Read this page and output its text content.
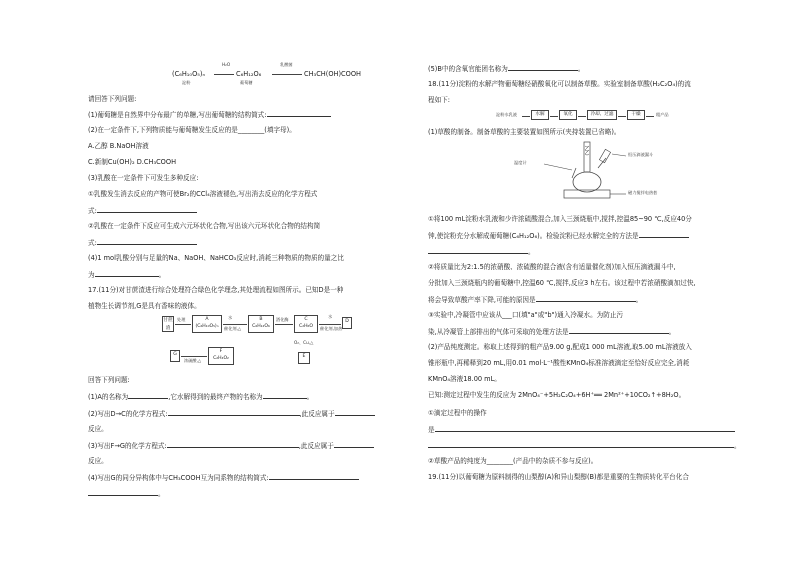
(C₆H₁₀O₅)ₙ
淀粉
H₂O
C₆H₁₂O₆
葡萄糖
乳酸菌
CH₃CH(OH)COOH
请回答下列问题:
(1)葡萄糖是自然界中分布最广的单糖,写出葡萄糖的结构简式:
(2)在一定条件下,下列物质能与葡萄糖发生反应的是________(填字母)。
A.乙醇 B.NaOH溶液
C.新制Cu(OH)₂ D.CH₃COOH
(3)乳酸在一定条件下可发生多种反应:
①乳酸发生消去反应的产物可使Br₂的CCl₄溶液褪色,写出消去反应的化学方程式
式:
②乳酸在一定条件下反应可生成六元环状化合物,写出该六元环状化合物的结构简
式:
(4)1 mol乳酸分别与足量的Na、NaOH、NaHCO₃反应时,消耗三种物质的物质的量之比
为	。
17.(11分)对甘蔗渣进行综合处理符合绿色化学理念,其处理流程如图所示。已知D是一种
植物生长调节剂,G是具有香味的液体。
甘蔗渣
处理	A
(C₆H₁₀O₅)ₙ
水
催化剂,△
B
C₆H₁₂O₆
酒化酶	C
C₂H₆O
水
催化剂,加热
D
G
浓硫酸,△
F
C₂H₄O₂
O₂、Cu,△
E
回答下列问题:
(1)A的名称为	,它水解得到的最终产物的名称为	。
(2)写出D→C的化学方程式:	,此反应属于
反应。
(3)写出F→G的化学方程式:	,此反应属于
反应。
(4)写出G的同分异构体中与CH₃COOH互为同系物的结构简式:
。
(5)B中的含氧官能团名称为	。
18.(11分)淀粉的水解产物葡萄糖经硝酸氧化可以制备草酸。实验室制备草酸(H₂C₂O₄)的流
程如下:
淀粉水乳液	水解	氧化	冷却、过滤	干燥	粗产品
(1)草酸的制备。制备草酸的主要装置如图所示(夹持装置已省略)。
温度计
恒压滴液漏斗
磁力搅拌电热套
①将100 mL淀粉水乳液和少许浓硫酸混合,加入三颈烧瓶中,搅拌,控温85~90 ℃,反应40分
钟,使淀粉充分水解成葡萄糖(C₆H₁₂O₆)。检验淀粉已经水解完全的方法是
。
②将质量比为2:1.5的浓硝酸、浓硫酸的混合液(含有适量催化剂)加入恒压滴液漏斗中,
分批加入三颈烧瓶内的葡萄糖中,控温60 ℃,搅拌,反应3 h左右。该过程中若浓硝酸滴加过快,
将会导致草酸产率下降,可能的原因是	。
③实验中,冷凝管中应该从___口(填"a"或"b")通入冷凝水。为防止污
染,从冷凝管上部排出的气体可采取的处理方法是	。
(2)产品纯度测定。称取上述得到的粗产品9.00 g,配成1 000 mL溶液,取5.00 mL溶液放入
锥形瓶中,再稀释到20 mL,用0.01 mol·L⁻¹酸性KMnO₄标准溶液滴定至恰好反应完全,消耗
KMnO₄溶液18.00 mL。
已知:测定过程中发生的反应为 2MnO₄⁻+5H₂C₂O₄+6H⁺══ 2Mn²⁺+10CO₂↑+8H₂O。
①滴定过程中的操作
是
。
②草酸产品的纯度为________(产品中的杂质不参与反应)。
19.(11分)以葡萄糖为原料制得的山梨醇(A)和异山梨醇(B)都是重要的生物质转化平台化合
